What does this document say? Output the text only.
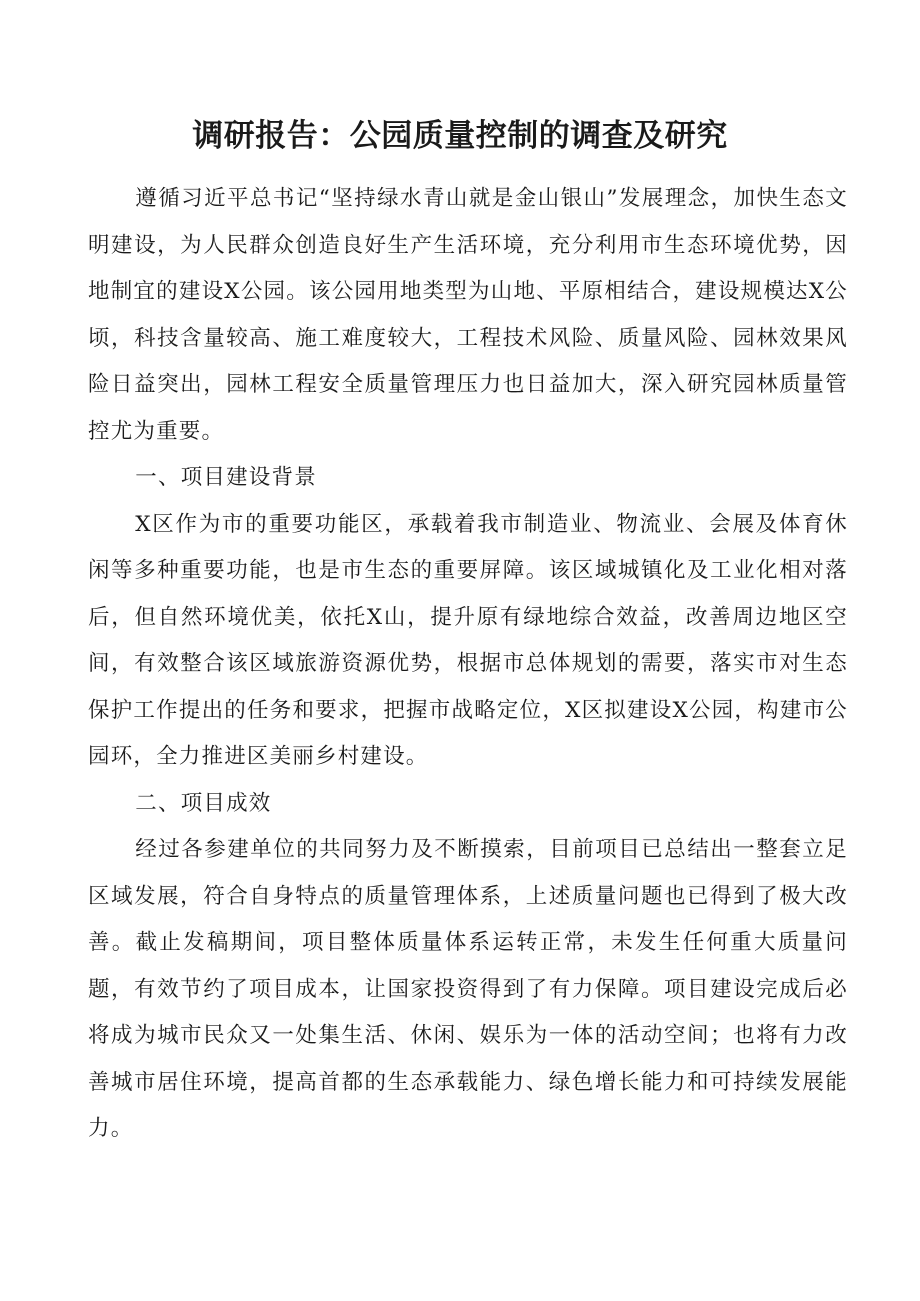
调研报告：公园质量控制的调查及研究

遵循习近平总书记“坚持绿水青山就是金山银山”发展理念，加快生态文明建设，为人民群众创造良好生产生活环境，充分利用市生态环境优势，因地制宜的建设X公园。该公园用地类型为山地、平原相结合，建设规模达X公顷，科技含量较高、施工难度较大，工程技术风险、质量风险、园林效果风险日益突出，园林工程安全质量管理压力也日益加大，深入研究园林质量管控尤为重要。

一、项目建设背景

X区作为市的重要功能区，承载着我市制造业、物流业、会展及体育休闲等多种重要功能，也是市生态的重要屏障。该区域城镇化及工业化相对落后，但自然环境优美，依托X山，提升原有绿地综合效益，改善周边地区空间，有效整合该区域旅游资源优势，根据市总体规划的需要，落实市对生态保护工作提出的任务和要求，把握市战略定位，X区拟建设X公园，构建市公园环，全力推进区美丽乡村建设。

二、项目成效

经过各参建单位的共同努力及不断摸索，目前项目已总结出一整套立足区域发展，符合自身特点的质量管理体系，上述质量问题也已得到了极大改善。截止发稿期间，项目整体质量体系运转正常，未发生任何重大质量问题，有效节约了项目成本，让国家投资得到了有力保障。项目建设完成后必将成为城市民众又一处集生活、休闲、娱乐为一体的活动空间；也将有力改善城市居住环境，提高首都的生态承载能力、绿色增长能力和可持续发展能力。
